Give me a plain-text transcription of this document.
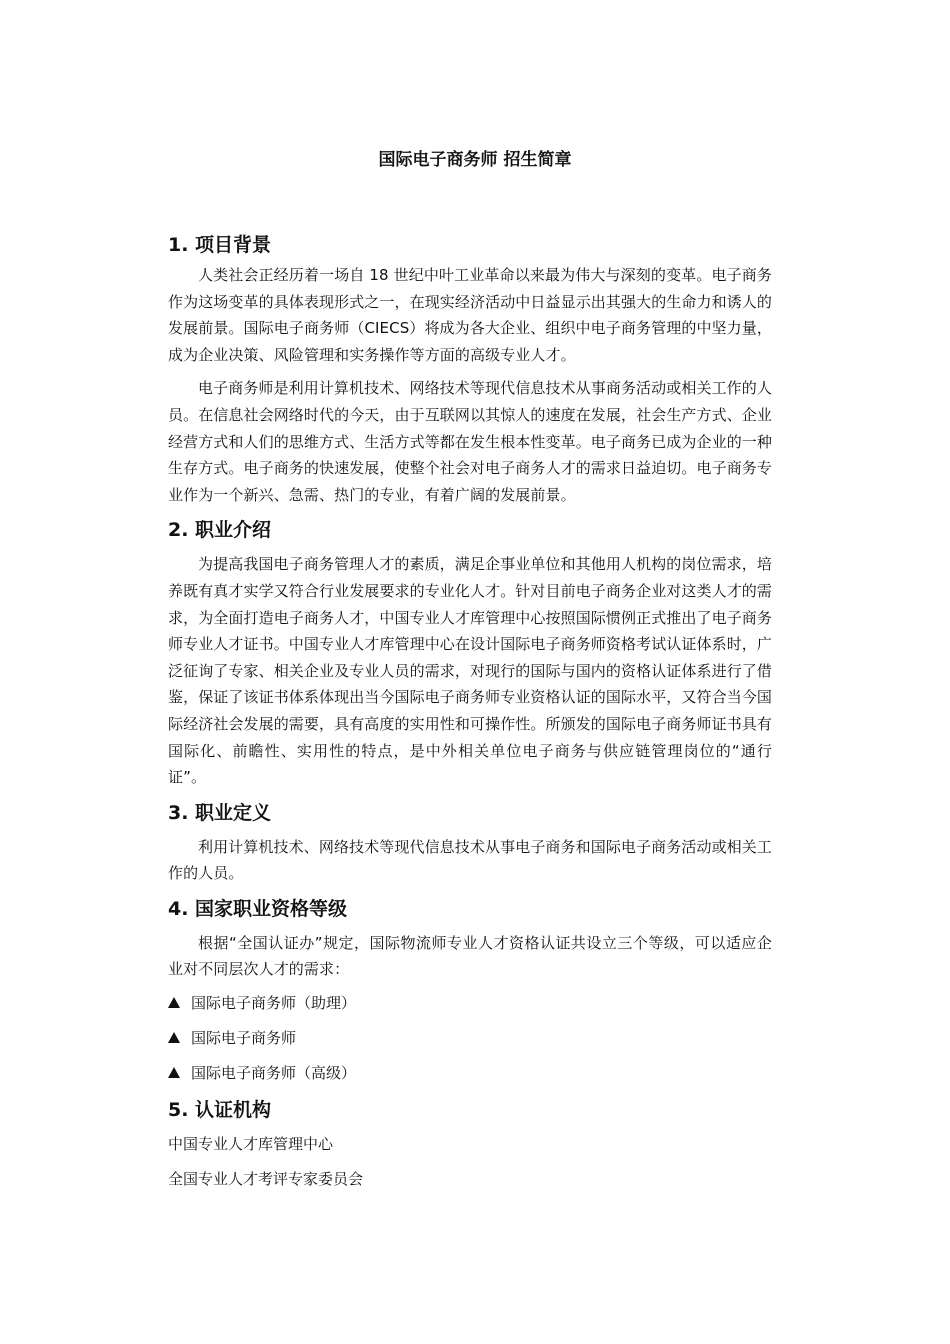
国际电子商务师 招生简章
1. 项目背景

人类社会正经历着一场自 18 世纪中叶工业革命以来最为伟大与深刻的变革。电子商务作为这场变革的具体表现形式之一，在现实经济活动中日益显示出其强大的生命力和诱人的发展前景。国际电子商务师（CIECS）将成为各大企业、组织中电子商务管理的中坚力量，成为企业决策、风险管理和实务操作等方面的高级专业人才。

电子商务师是利用计算机技术、网络技术等现代信息技术从事商务活动或相关工作的人员。在信息社会网络时代的今天，由于互联网以其惊人的速度在发展，社会生产方式、企业经营方式和人们的思维方式、生活方式等都在发生根本性变革。电子商务已成为企业的一种生存方式。电子商务的快速发展，使整个社会对电子商务人才的需求日益迫切。电子商务专业作为一个新兴、急需、热门的专业，有着广阔的发展前景。

2. 职业介绍

为提高我国电子商务管理人才的素质，满足企事业单位和其他用人机构的岗位需求，培养既有真才实学又符合行业发展要求的专业化人才。针对目前电子商务企业对这类人才的需求，为全面打造电子商务人才，中国专业人才库管理中心按照国际惯例正式推出了电子商务师专业人才证书。中国专业人才库管理中心在设计国际电子商务师资格考试认证体系时，广泛征询了专家、相关企业及专业人员的需求，对现行的国际与国内的资格认证体系进行了借鉴，保证了该证书体系体现出当今国际电子商务师专业资格认证的国际水平，又符合当今国际经济社会发展的需要，具有高度的实用性和可操作性。所颁发的国际电子商务师证书具有国际化、前瞻性、实用性的特点，是中外相关单位电子商务与供应链管理岗位的“通行证”。

3. 职业定义

利用计算机技术、网络技术等现代信息技术从事电子商务和国际电子商务活动或相关工作的人员。

4. 国家职业资格等级

根据“全国认证办”规定，国际物流师专业人才资格认证共设立三个等级，可以适应企业对不同层次人才的需求：

国际电子商务师（助理）
国际电子商务师
国际电子商务师（高级）
5. 认证机构

中国专业人才库管理中心

全国专业人才考评专家委员会
